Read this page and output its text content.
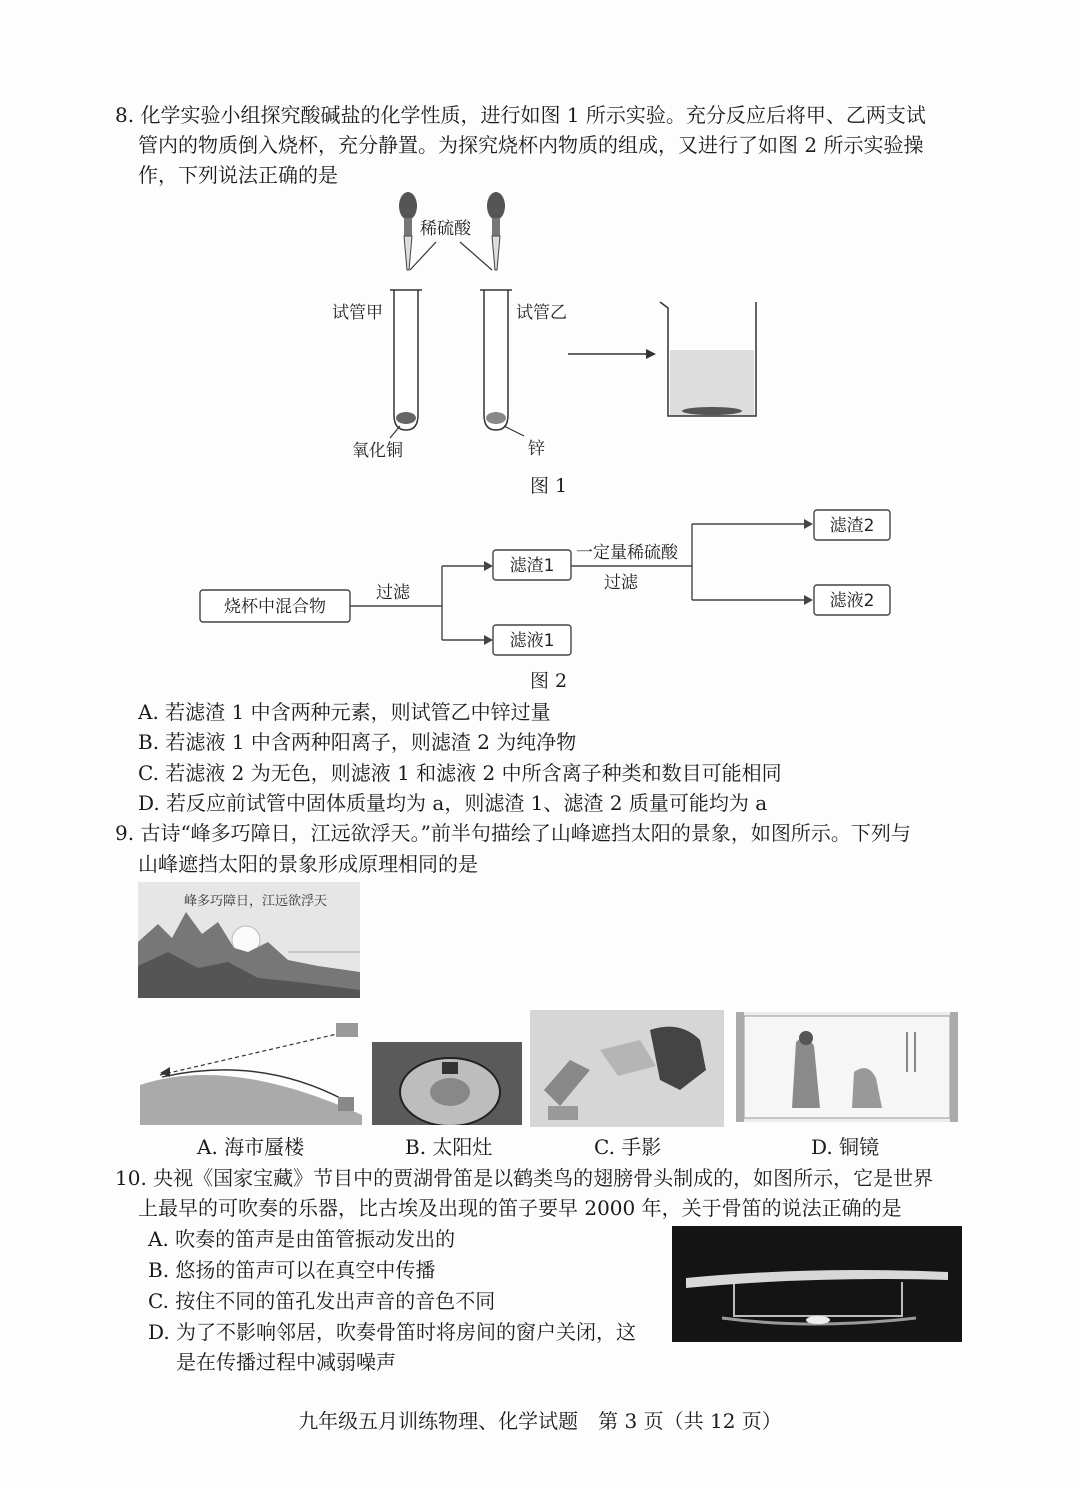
8. 化学实验小组探究酸碱盐的化学性质，进行如图 1 所示实验。充分反应后将甲、乙两支试
管内的物质倒入烧杯，充分静置。为探究烧杯内物质的组成，又进行了如图 2 所示实验操
作，下列说法正确的是
稀硫酸
试管甲	试管乙
氧化铜	锌
图 1
烧杯中混合物
过滤
滤渣1
滤液1
一定量稀硫酸
过滤
滤渣2
滤液2
图 2
A. 若滤渣 1 中含两种元素，则试管乙中锌过量
B. 若滤液 1 中含两种阳离子，则滤渣 2 为纯净物
C. 若滤液 2 为无色，则滤液 1 和滤液 2 中所含离子种类和数目可能相同
D. 若反应前试管中固体质量均为 a，则滤渣 1、滤渣 2 质量可能均为 a
9. 古诗“峰多巧障日，江远欲浮天。”前半句描绘了山峰遮挡太阳的景象，如图所示。下列与
山峰遮挡太阳的景象形成原理相同的是
峰多巧障日，江远欲浮天
A. 海市蜃楼	B. 太阳灶	C. 手影	D. 铜镜
10. 央视《国家宝藏》节目中的贾湖骨笛是以鹤类鸟的翅膀骨头制成的，如图所示，它是世界
上最早的可吹奏的乐器，比古埃及出现的笛子要早 2000 年，关于骨笛的说法正确的是
A. 吹奏的笛声是由笛管振动发出的
B. 悠扬的笛声可以在真空中传播
C. 按住不同的笛孔发出声音的音色不同
D. 为了不影响邻居，吹奏骨笛时将房间的窗户关闭，这
是在传播过程中减弱噪声
九年级五月训练物理、化学试题　第 3 页（共 12 页）
